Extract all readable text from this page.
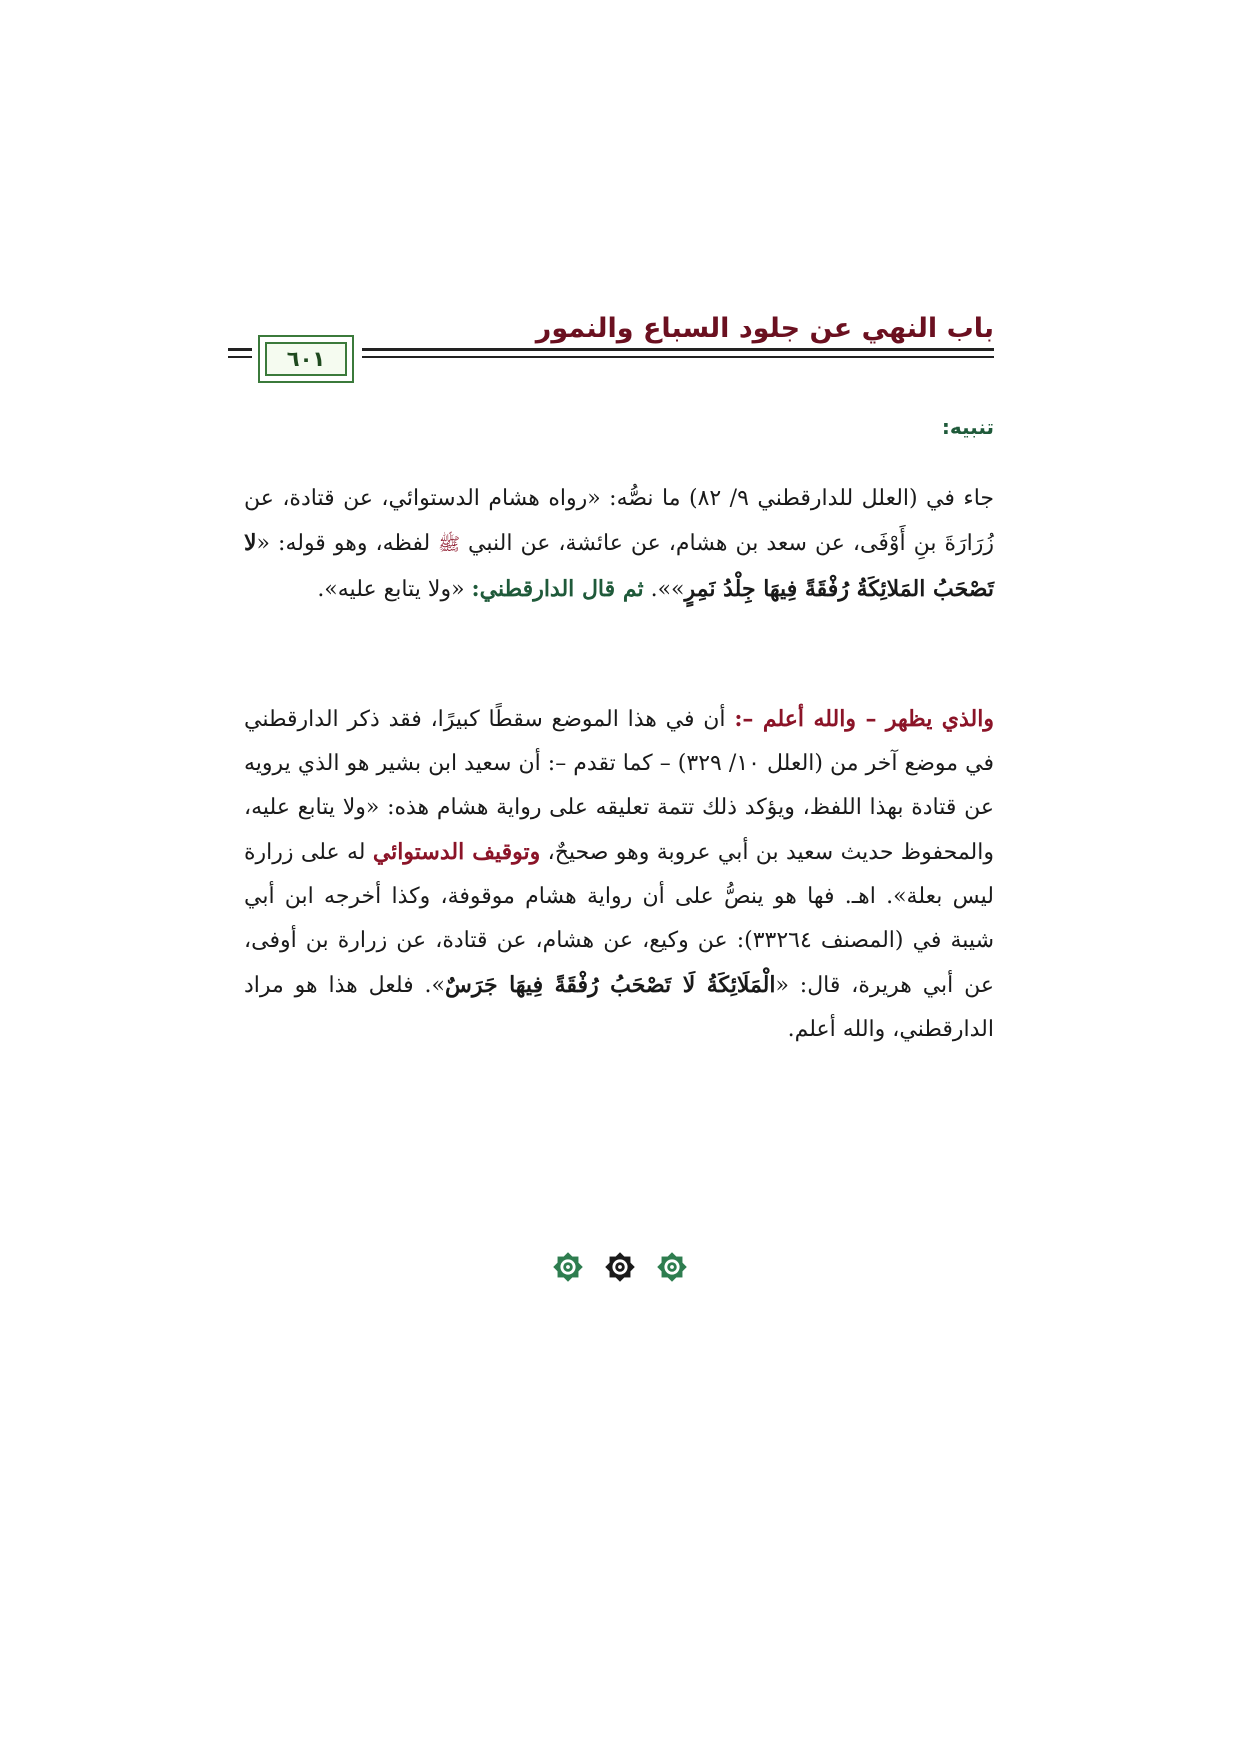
باب النهي عن جلود السباع والنمور
٦٠١
تنبيه:

جاء في (العلل للدارقطني ٩/ ٨٢) ما نصُّه: «رواه هشام الدستوائي، عن قتادة، عن زُرَارَةَ بنِ أَوْفَى، عن سعد بن هشام، عن عائشة، عن النبي ﷺ لفظه، وهو قوله: «لا تَصْحَبُ المَلائِكَةُ رُفْقَةً فِيهَا جِلْدُ نَمِرٍ»». ثم قال الدارقطني: «ولا يتابع عليه».

والذي يظهر – والله أعلم –: أن في هذا الموضع سقطًا كبيرًا، فقد ذكر الدارقطني في موضع آخر من (العلل ١٠/ ٣٢٩) – كما تقدم –: أن سعيد ابن بشير هو الذي يرويه عن قتادة بهذا اللفظ، ويؤكد ذلك تتمة تعليقه على رواية هشام هذه: «ولا يتابع عليه، والمحفوظ حديث سعيد بن أبي عروبة وهو صحيحٌ، وتوقيف الدستوائي له على زرارة ليس بعلة». اهـ. فها هو ينصُّ على أن رواية هشام موقوفة، وكذا أخرجه ابن أبي شيبة في (المصنف ٣٣٢٦٤): عن وكيع، عن هشام، عن قتادة، عن زرارة بن أوفى، عن أبي هريرة، قال: «الْمَلَائِكَةُ لَا تَصْحَبُ رُفْقَةً فِيهَا جَرَسٌ». فلعل هذا هو مراد الدارقطني، والله أعلم.
